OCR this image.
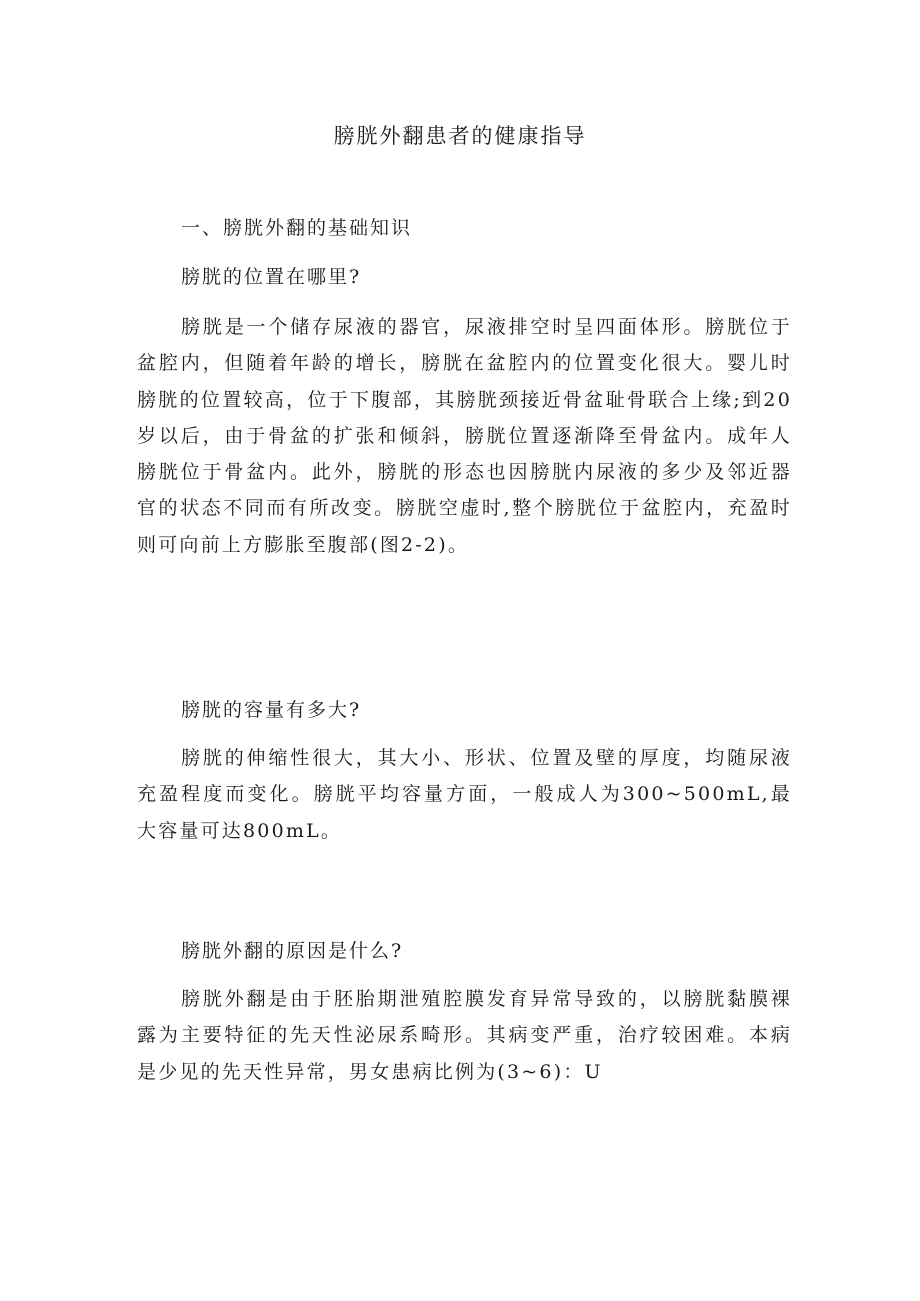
膀胱外翻患者的健康指导

一、膀胱外翻的基础知识

膀胱的位置在哪里?

膀胱是一个储存尿液的器官，尿液排空时呈四面体形。膀胱位于盆腔内，但随着年龄的增长，膀胱在盆腔内的位置变化很大。婴儿时膀胱的位置较高，位于下腹部，其膀胱颈接近骨盆耻骨联合上缘;到20岁以后，由于骨盆的扩张和倾斜，膀胱位置逐渐降至骨盆内。成年人膀胱位于骨盆内。此外，膀胱的形态也因膀胱内尿液的多少及邻近器官的状态不同而有所改变。膀胱空虚时,整个膀胱位于盆腔内，充盈时则可向前上方膨胀至腹部(图2-2)。

膀胱的容量有多大?

膀胱的伸缩性很大，其大小、形状、位置及壁的厚度，均随尿液充盈程度而变化。膀胱平均容量方面，一般成人为300~500mL,最大容量可达800mL。

膀胱外翻的原因是什么?

膀胱外翻是由于胚胎期泄殖腔膜发育异常导致的，以膀胱黏膜裸露为主要特征的先天性泌尿系畸形。其病变严重，治疗较困难。本病是少见的先天性异常，男女患病比例为(3~6)：U
